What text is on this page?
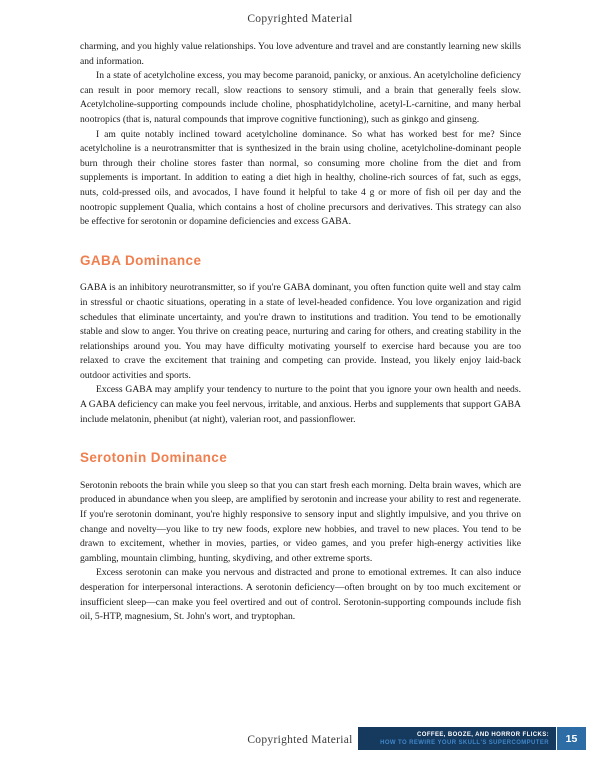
Copyrighted Material

charming, and you highly value relationships. You love adventure and travel and are constantly learning new skills and information.

In a state of acetylcholine excess, you may become paranoid, panicky, or anxious. An acetylcholine deficiency can result in poor memory recall, slow reactions to sensory stimuli, and a brain that generally feels slow. Acetylcholine-supporting compounds include choline, phosphatidylcholine, acetyl-L-carnitine, and many herbal nootropics (that is, natural compounds that improve cognitive functioning), such as ginkgo and ginseng.

I am quite notably inclined toward acetylcholine dominance. So what has worked best for me? Since acetylcholine is a neurotransmitter that is synthesized in the brain using choline, acetylcholine-dominant people burn through their choline stores faster than normal, so consuming more choline from the diet and from supplements is important. In addition to eating a diet high in healthy, choline-rich sources of fat, such as eggs, nuts, cold-pressed oils, and avocados, I have found it helpful to take 4 g or more of fish oil per day and the nootropic supplement Qualia, which contains a host of choline precursors and derivatives. This strategy can also be effective for serotonin or dopamine deficiencies and excess GABA.

GABA Dominance

GABA is an inhibitory neurotransmitter, so if you're GABA dominant, you often function quite well and stay calm in stressful or chaotic situations, operating in a state of level-headed confidence. You love organization and rigid schedules that eliminate uncertainty, and you're drawn to institutions and tradition. You tend to be emotionally stable and slow to anger. You thrive on creating peace, nurturing and caring for others, and creating stability in the relationships around you. You may have difficulty motivating yourself to exercise hard because you are too relaxed to crave the excitement that training and competing can provide. Instead, you likely enjoy laid-back outdoor activities and sports.

Excess GABA may amplify your tendency to nurture to the point that you ignore your own health and needs. A GABA deficiency can make you feel nervous, irritable, and anxious. Herbs and supplements that support GABA include melatonin, phenibut (at night), valerian root, and passionflower.

Serotonin Dominance

Serotonin reboots the brain while you sleep so that you can start fresh each morning. Delta brain waves, which are produced in abundance when you sleep, are amplified by serotonin and increase your ability to rest and regenerate. If you're serotonin dominant, you're highly responsive to sensory input and slightly impulsive, and you thrive on change and novelty—you like to try new foods, explore new hobbies, and travel to new places. You tend to be drawn to excitement, whether in movies, parties, or video games, and you prefer high-energy activities like gambling, mountain climbing, hunting, skydiving, and other extreme sports.

Excess serotonin can make you nervous and distracted and prone to emotional extremes. It can also induce desperation for interpersonal interactions. A serotonin deficiency—often brought on by too much excitement or insufficient sleep—can make you feel overtired and out of control. Serotonin-supporting compounds include fish oil, 5-HTP, magnesium, St. John's wort, and tryptophan.

Copyrighted Material	COFFEE, BOOZE, AND HORROR FLICKS:
HOW TO REWIRE YOUR SKULL'S SUPERCOMPUTER	15
